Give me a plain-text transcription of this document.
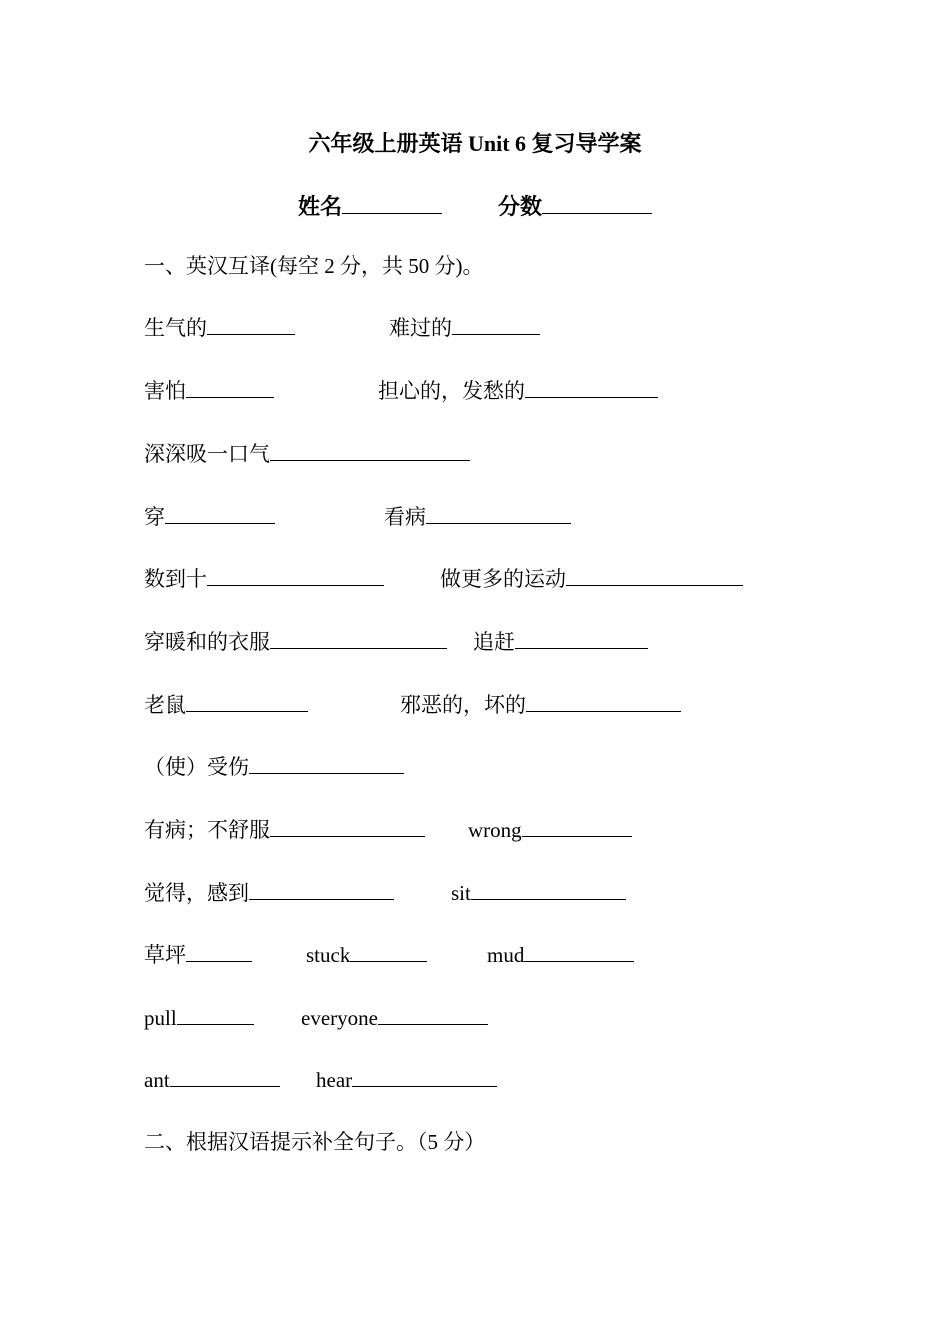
六年级上册英语 Unit 6 复习导学案
姓名	分数
一、英汉互译(每空 2 分，共 50 分)。
生气的	难过的
害怕	担心的，发愁的
深深吸一口气
穿	看病
数到十	做更多的运动
穿暖和的衣服	追赶
老鼠	邪恶的，坏的
（使）受伤
有病；不舒服	wrong
觉得，感到	sit
草坪	stuck	mud
pull	everyone
ant	hear
二、根据汉语提示补全句子。（5 分）
